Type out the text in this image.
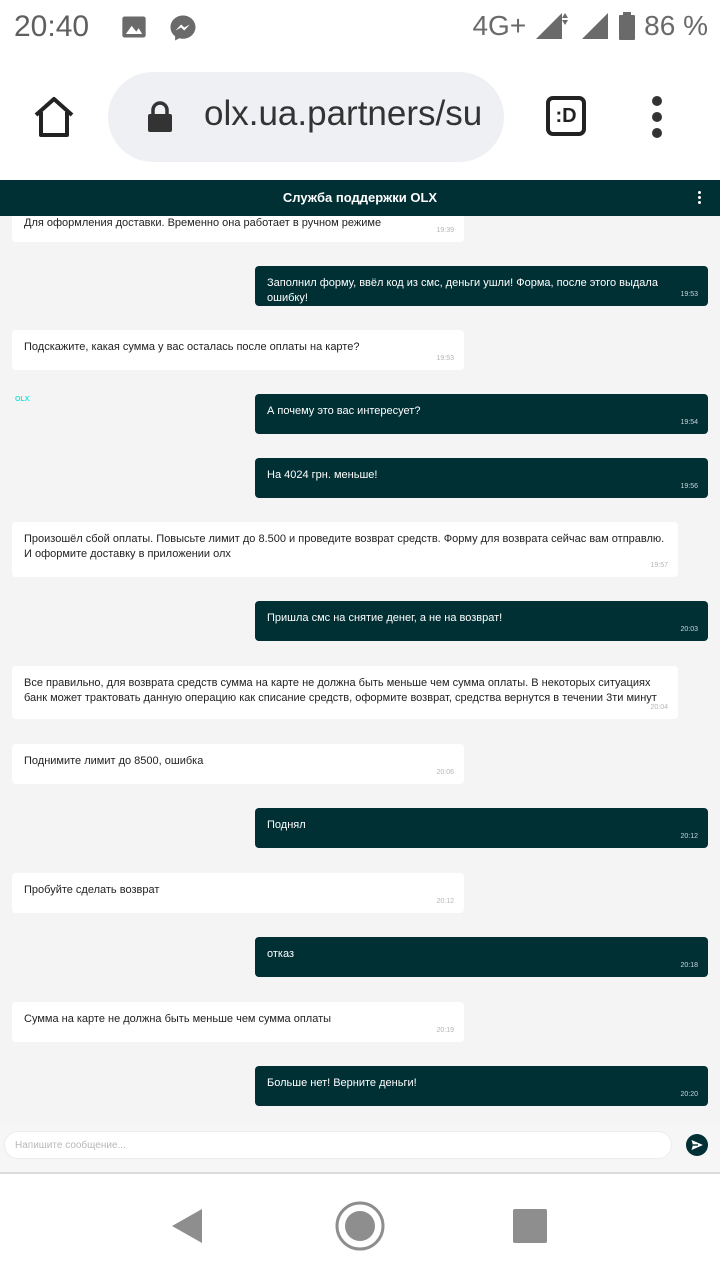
20:40	4G+	86 %
olx.ua.partners/su	:D
Служба поддержки OLX
Для оформления доставки. Временно она работает в ручном режиме
19:39
Заполнил форму, ввёл код из смс, деньги ушли! Форма, после этого выдала ошибку!	19:53
Подскажите, какая сумма у вас осталась после оплаты на карте?
19:53
OLX
А почему это вас интересует?
19:54
На 4024 грн. меньше!
19:56
Произошёл сбой оплаты. Повысьте лимит до 8.500 и проведите возврат средств. Форму для возврата сейчас вам отправлю. И оформите доставку в приложении олх
19:57
Пришла смс на снятие денег, а не на возврат!
20:03
Все правильно, для возврата средств сумма на карте не должна быть меньше чем сумма оплаты. В некоторых ситуациях банк может трактовать данную операцию как списание средств, оформите возврат, средства вернутся в течении 3ти минут
20:04
Поднимите лимит до 8500, ошибка
20:06
Поднял
20:12
Пробуйте сделать возврат
20:12
отказ
20:18
Сумма на карте не должна быть меньше чем сумма оплаты
20:19
Больше нет! Верните деньги!
20:20
Напишите сообщение...
